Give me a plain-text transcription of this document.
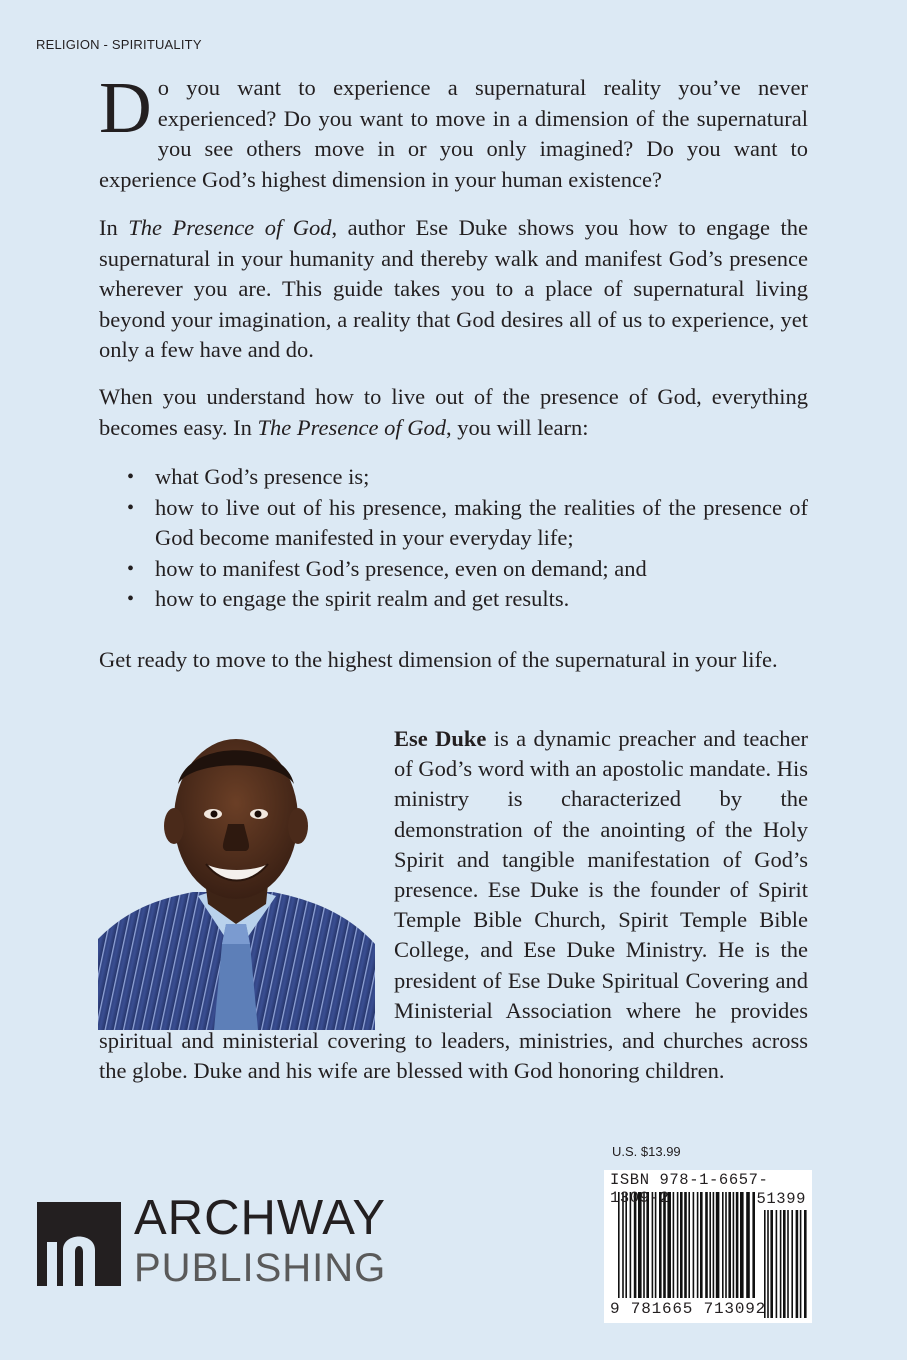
RELIGION - SPIRITUALITY

Do you want to experience a supernatural reality you’ve never experienced? Do you want to move in a dimension of the supernatural you see others move in or you only imagined? Do you want to experience God’s highest dimension in your human existence?

In The Presence of God, author Ese Duke shows you how to engage the supernatural in your humanity and thereby walk and manifest God’s presence wherever you are. This guide takes you to a place of supernatural living beyond your imagination, a reality that God desires all of us to experience, yet only a few have and do.

When you understand how to live out of the presence of God, everything becomes easy. In The Presence of God, you will learn:

• what God’s presence is;
• how to live out of his presence, making the realities of the presence of God become manifested in your everyday life;
• how to manifest God’s presence, even on demand; and
• how to engage the spirit realm and get results.

Get ready to move to the highest dimension of the supernatural in your life.

Ese Duke is a dynamic preacher and teacher of God’s word with an apostolic mandate. His ministry is characterized by the demonstration of the anointing of the Holy Spirit and tangible manifestation of God’s presence. Ese Duke is the founder of Spirit Temple Bible Church, Spirit Temple Bible College, and Ese Duke Ministry. He is the president of Ese Duke Spiritual Covering and Ministerial Association where he provides spiritual and ministerial covering to leaders, ministries, and churches across the globe. Duke and his wife are blessed with God honoring children.

U.S. $13.99
ISBN 978-1-6657-1309-2	51399
9 781665 713092
ARCHWAY
PUBLISHING
